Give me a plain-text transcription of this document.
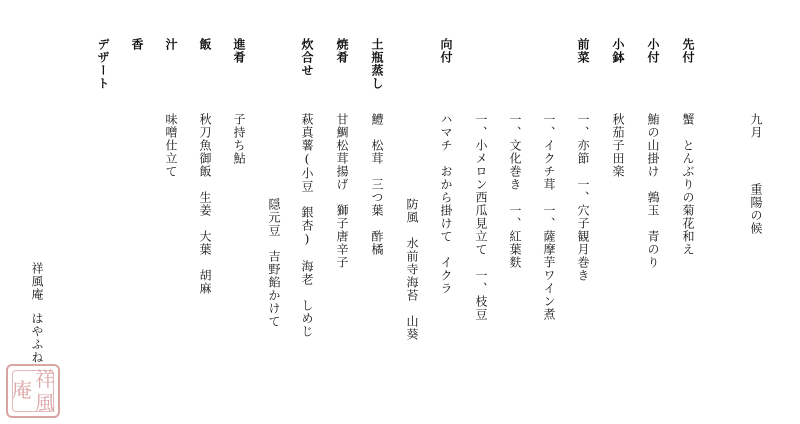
九月
重陽の候
先付
小付
小鉢
前菜
向付
土瓶蒸し
焼肴
炊合せ
進肴
飯
汁
香
デザート
蟹　とんぶりの菊花和え
鮪の山掛け　鶉玉　青のり
秋茄子田楽
一、亦節　一、穴子観月巻き
一、イクチ茸　一、薩摩芋ワイン煮
一、文化巻き　一、紅葉麩
一、小メロン西瓜見立て　一、枝豆
ハマチ　おから掛けて　イクラ
防風　水前寺海苔　山葵
鱧　松茸　三つ葉　酢橘
甘鯛松茸揚げ　獅子唐辛子
萩真薯(小豆　銀杏)　海老　しめじ
隠元豆　吉野餡かけて
子持ち鮎
秋刀魚御飯　生姜　大葉　胡麻
味噌仕立て
祥風庵
はやふね
祥
風
庵
